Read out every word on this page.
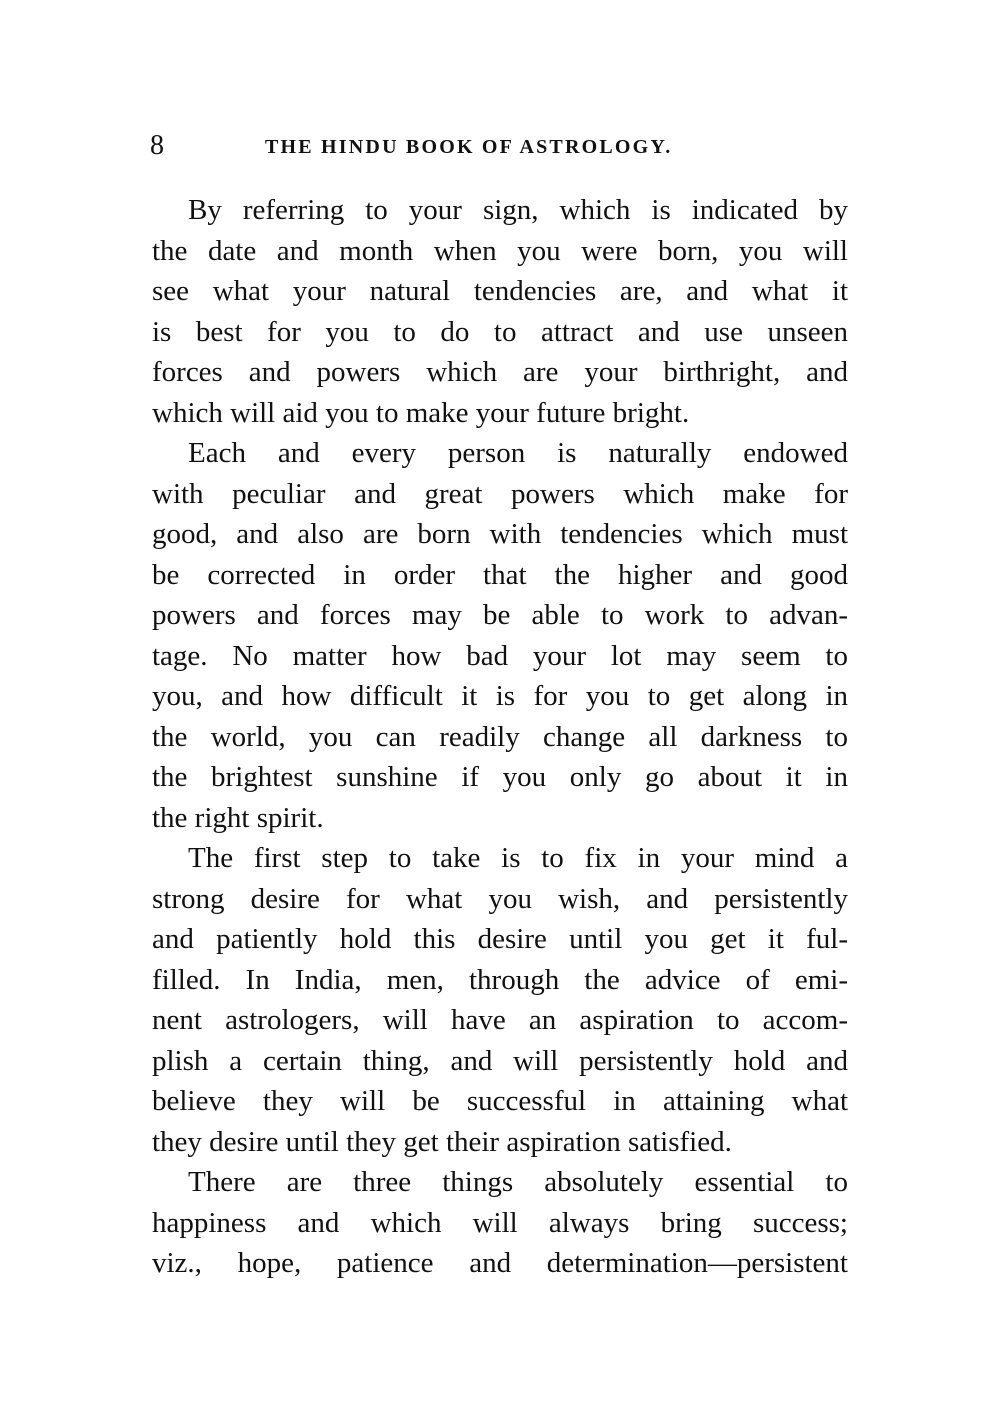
8	THE HINDU BOOK OF ASTROLOGY.

By referring to your sign, which is indicated by
the date and month when you were born, you will
see what your natural tendencies are, and what it
is best for you to do to attract and use unseen
forces and powers which are your birthright, and
which will aid you to make your future bright.

Each and every person is naturally endowed
with peculiar and great powers which make for
good, and also are born with tendencies which must
be corrected in order that the higher and good
powers and forces may be able to work to advan-
tage. No matter how bad your lot may seem to
you, and how difficult it is for you to get along in
the world, you can readily change all darkness to
the brightest sunshine if you only go about it in
the right spirit.

The first step to take is to fix in your mind a
strong desire for what you wish, and persistently
and patiently hold this desire until you get it ful-
filled. In India, men, through the advice of emi-
nent astrologers, will have an aspiration to accom-
plish a certain thing, and will persistently hold and
believe they will be successful in attaining what
they desire until they get their aspiration satisfied.

There are three things absolutely essential to
happiness and which will always bring success;
viz., hope, patience and determination—persistent
